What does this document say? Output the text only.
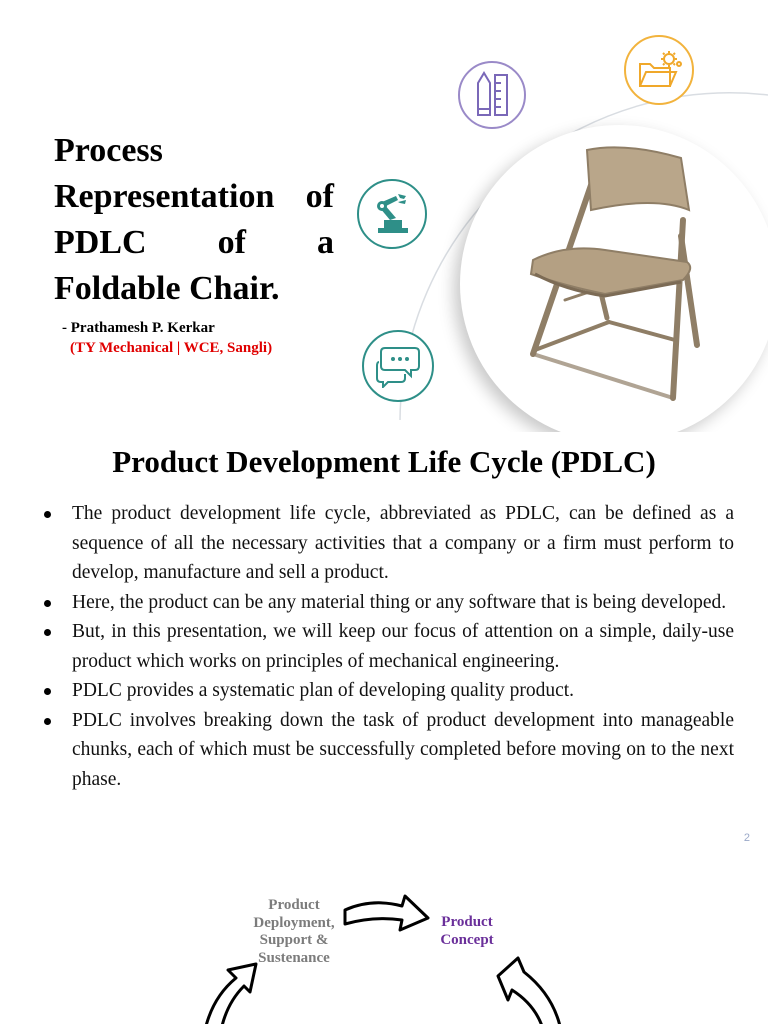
Process Representation of PDLC of a Foldable Chair.
- Prathamesh P. Kerkar
(TY Mechanical | WCE, Sangli)
Product Development Life Cycle (PDLC)
The product development life cycle, abbreviated as PDLC, can be defined as a sequence of all the necessary activities that a company or a firm must perform to develop, manufacture and sell a product.
Here, the product can be any material thing or any software that is being developed.
But, in this presentation, we will keep our focus of attention on a simple, daily-use product which works on principles of mechanical engineering.
PDLC provides a systematic plan of developing quality product.
PDLC involves breaking down the task of product development into manageable chunks, each of which must be successfully completed before moving on to the next phase.
2
Product
Deployment,
Support &
Sustenance
Product
Concept
